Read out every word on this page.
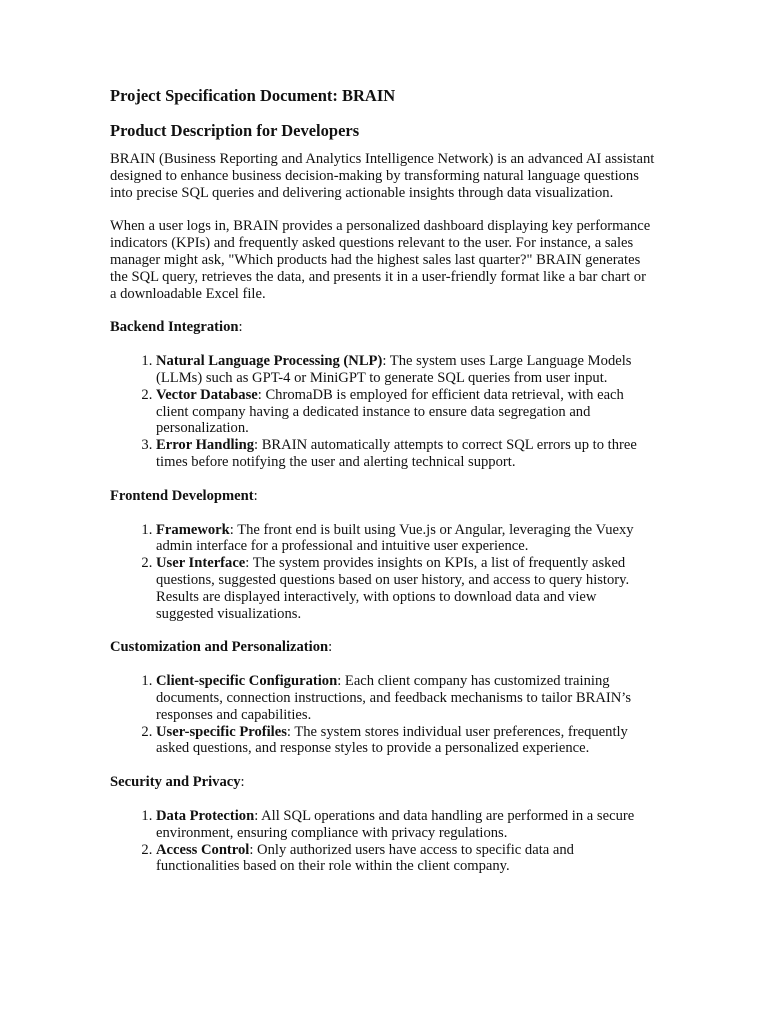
Project Specification Document: BRAIN
Product Description for Developers

BRAIN (Business Reporting and Analytics Intelligence Network) is an advanced AI assistant designed to enhance business decision-making by transforming natural language questions into precise SQL queries and delivering actionable insights through data visualization.

When a user logs in, BRAIN provides a personalized dashboard displaying key performance indicators (KPIs) and frequently asked questions relevant to the user. For instance, a sales manager might ask, "Which products had the highest sales last quarter?" BRAIN generates the SQL query, retrieves the data, and presents it in a user-friendly format like a bar chart or a downloadable Excel file.

Backend Integration:
1. Natural Language Processing (NLP): The system uses Large Language Models (LLMs) such as GPT-4 or MiniGPT to generate SQL queries from user input.
2. Vector Database: ChromaDB is employed for efficient data retrieval, with each client company having a dedicated instance to ensure data segregation and personalization.
3. Error Handling: BRAIN automatically attempts to correct SQL errors up to three times before notifying the user and alerting technical support.
Frontend Development:
1. Framework: The front end is built using Vue.js or Angular, leveraging the Vuexy admin interface for a professional and intuitive user experience.
2. User Interface: The system provides insights on KPIs, a list of frequently asked questions, suggested questions based on user history, and access to query history. Results are displayed interactively, with options to download data and view suggested visualizations.
Customization and Personalization:
1. Client-specific Configuration: Each client company has customized training documents, connection instructions, and feedback mechanisms to tailor BRAIN’s responses and capabilities.
2. User-specific Profiles: The system stores individual user preferences, frequently asked questions, and response styles to provide a personalized experience.
Security and Privacy:
1. Data Protection: All SQL operations and data handling are performed in a secure environment, ensuring compliance with privacy regulations.
2. Access Control: Only authorized users have access to specific data and functionalities based on their role within the client company.
